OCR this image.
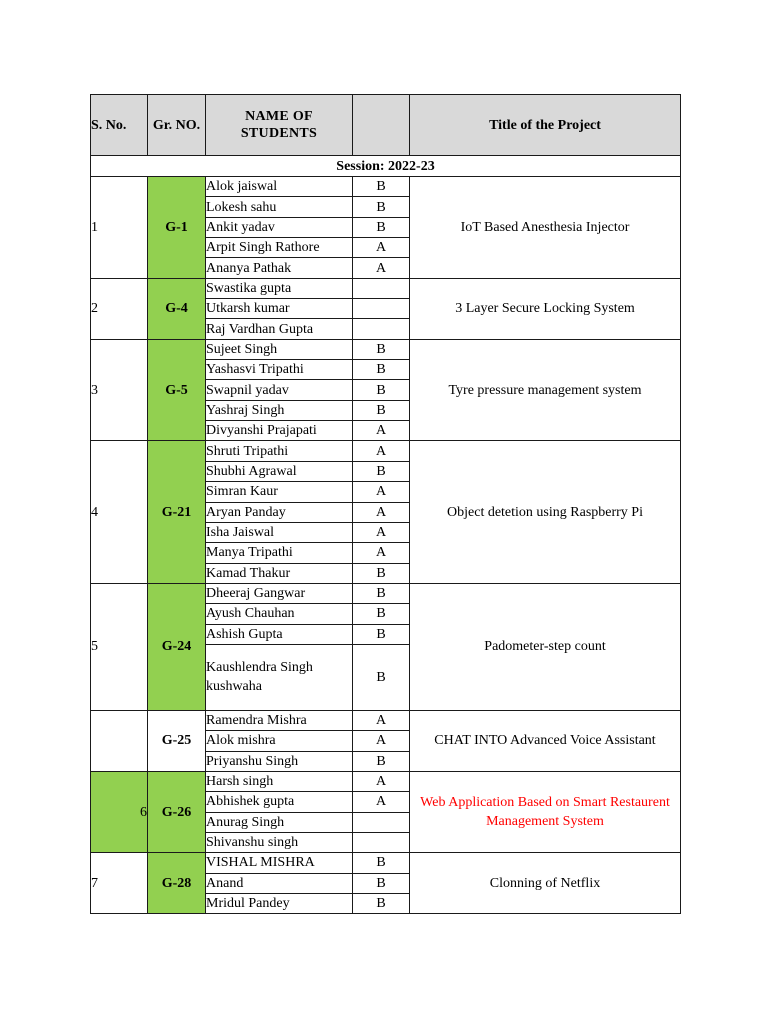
S. No.	Gr. NO.	NAME OF STUDENTS		Title of the Project
Session: 2022-23				
1	G-1	Alok jaiswal	B	IoT Based Anesthesia Injector
		Lokesh sahu	B	
		Ankit yadav	B	
		Arpit Singh Rathore	A	
		Ananya Pathak	A	
2	G-4	Swastika gupta		3 Layer Secure Locking System
		Utkarsh kumar		
		Raj Vardhan Gupta		
3	G-5	Sujeet Singh	B	Tyre pressure management system
		Yashasvi Tripathi	B	
		Swapnil yadav	B	
		Yashraj Singh	B	
		Divyanshi Prajapati	A	
4	G-21	Shruti Tripathi	A	Object detetion using Raspberry Pi
		Shubhi Agrawal	B	
		Simran Kaur	A	
		Aryan Panday	A	
		Isha Jaiswal	A	
		Manya Tripathi	A	
		Kamad Thakur	B	
5	G-24	Dheeraj Gangwar	B	Padometer-step count
		Ayush Chauhan	B	
		Ashish Gupta	B	
		Kaushlendra Singh kushwaha	B	
	G-25	Ramendra Mishra	A	CHAT INTO Advanced Voice Assistant
		Alok mishra	A	
		Priyanshu Singh	B	
6	G-26	Harsh singh	A	Web Application Based on Smart Restaurent Management System
		Abhishek gupta	A	
		Anurag Singh		
		Shivanshu singh		
7	G-28	VISHAL MISHRA	B	Clonning of Netflix
		Anand	B	
		Mridul Pandey	B	
